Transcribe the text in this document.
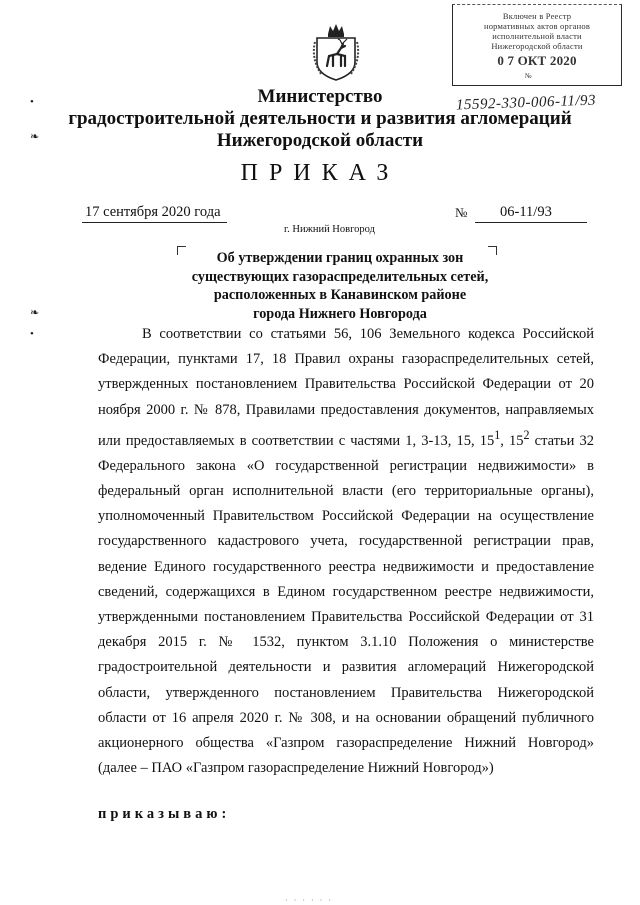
Включен в Реестр
нормативных актов органов
исполнительной власти
Нижегородской области
0 7 ОКТ 2020
№
15592-330-006-11/93
Министерство
градостроительной деятельности и развития агломераций
Нижегородской области
ПРИКАЗ
17 сентября 2020 года
г. Нижний Новгород
№ 06-11/93
Об утверждении границ охранных зон
существующих газораспределительных сетей,
расположенных в Канавинском районе
города Нижнего Новгорода
•
❧
❧
•	В соответствии со статьями 56, 106 Земельного кодекса Российской Федерации, пунктами 17, 18 Правил охраны газораспределительных сетей, утвержденных постановлением Правительства Российской Федерации от 20 ноября 2000 г. № 878, Правилами предоставления документов, направляемых или предоставляемых в соответствии с частями 1, 3-13, 15, $15^1$, $15^2$ статьи 32 Федерального закона «О государственной регистрации недвижимости» в федеральный орган исполнительной власти (его территориальные органы), уполномоченный Правительством Российской Федерации на осуществление государственного кадастрового учета, государственной регистрации прав, ведение Единого государственного реестра недвижимости и предоставление сведений, содержащихся в Едином государственном реестре недвижимости, утвержденными постановлением Правительства Российской Федерации от 31 декабря 2015 г. № 1532, пунктом 3.1.10 Положения о министерстве градостроительной деятельности и развития агломераций Нижегородской области, утвержденного постановлением Правительства Нижегородской области от 16 апреля 2020 г. № 308, и на основании обращений публичного акционерного общества «Газпром газораспределение Нижний Новгород» (далее – ПАО «Газпром газораспределение Нижний Новгород»)
приказываю:
· · · · · ·
